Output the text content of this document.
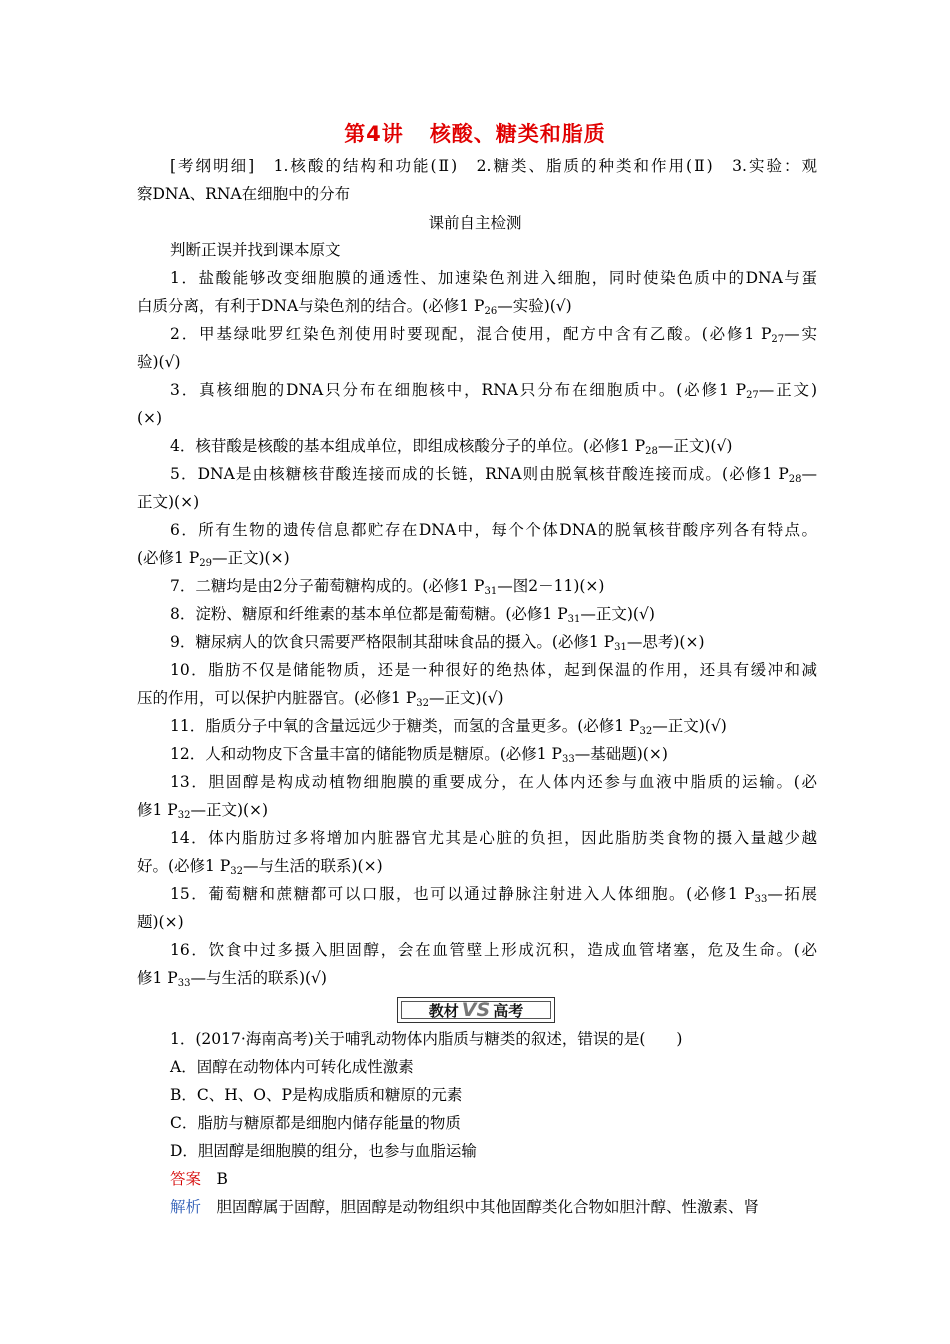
第4讲 核酸、糖类和脂质
[考纲明细]　1.核酸的结构和功能(Ⅱ)　2.糖类、脂质的种类和作用(Ⅱ)　3.实验：观
察DNA、RNA在细胞中的分布
课前自主检测
判断正误并找到课本原文
1．盐酸能够改变细胞膜的通透性、加速染色剂进入细胞，同时使染色质中的DNA与蛋
白质分离，有利于DNA与染色剂的结合。(必修1 $P_{26}—$实验)(√)
2．甲基绿吡罗红染色剂使用时要现配，混合使用，配方中含有乙酸。(必修1 $P_{27}—$实
验)(√)
3．真核细胞的DNA只分布在细胞核中，RNA只分布在细胞质中。(必修1 $P_{27}—$正文)
(×)
4．核苷酸是核酸的基本组成单位，即组成核酸分子的单位。(必修1 $P_{28}—$正文)(√)
5．DNA是由核糖核苷酸连接而成的长链，RNA则由脱氧核苷酸连接而成。(必修1 $P_{28}—$
正文)(×)
6．所有生物的遗传信息都贮存在DNA中，每个个体DNA的脱氧核苷酸序列各有特点。
(必修1 $P_{29}—$正文)(×)
7．二糖均是由2分子葡萄糖构成的。(必修1 $P_{31}—$图2－11)(×)
8．淀粉、糖原和纤维素的基本单位都是葡萄糖。(必修1 $P_{31}—$正文)(√)
9．糖尿病人的饮食只需要严格限制其甜味食品的摄入。(必修1 $P_{31}—$思考)(×)
10．脂肪不仅是储能物质，还是一种很好的绝热体，起到保温的作用，还具有缓冲和减
压的作用，可以保护内脏器官。(必修1 $P_{32}—$正文)(√)
11．脂质分子中氧的含量远远少于糖类，而氢的含量更多。(必修1 $P_{32}—$正文)(√)
12．人和动物皮下含量丰富的储能物质是糖原。(必修1 $P_{33}—$基础题)(×)
13．胆固醇是构成动植物细胞膜的重要成分，在人体内还参与血液中脂质的运输。(必
修1 $P_{32}—$正文)(×)
14．体内脂肪过多将增加内脏器官尤其是心脏的负担，因此脂肪类食物的摄入量越少越
好。(必修1 $P_{32}—$与生活的联系)(×)
15．葡萄糖和蔗糖都可以口服，也可以通过静脉注射进入人体细胞。(必修1 $P_{33}—$拓展
题)(×)
16．饮食中过多摄入胆固醇，会在血管壁上形成沉积，造成血管堵塞，危及生命。(必
修1 $P_{33}—$与生活的联系)(√)
教材 VS 高考
1．(2017·海南高考)关于哺乳动物体内脂质与糖类的叙述，错误的是(　　)
A．固醇在动物体内可转化成性激素
B．C、H、O、P是构成脂质和糖原的元素
C．脂肪与糖原都是细胞内储存能量的物质
D．胆固醇是细胞膜的组分，也参与血脂运输
答案　 B
解析　 胆固醇属于固醇，胆固醇是动物组织中其他固醇类化合物如胆汁醇、性激素、肾
